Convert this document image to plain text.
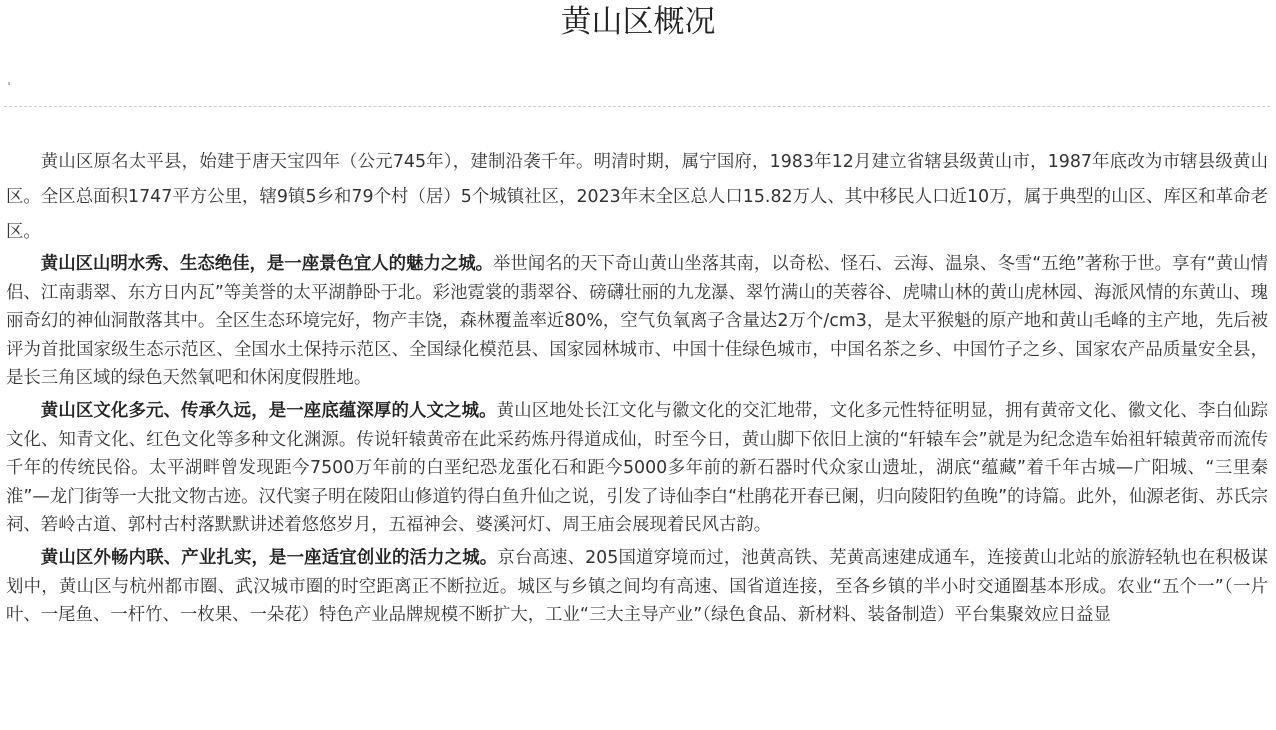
黄山区概况

黄山区原名太平县，始建于唐天宝四年（公元745年），建制沿袭千年。明清时期，属宁国府，1983年12月建立省辖县级黄山市，1987年底改为市辖县级黄山区。全区总面积1747平方公里，辖9镇5乡和79个村（居）5个城镇社区，2023年末全区总人口15.82万人、其中移民人口近10万，属于典型的山区、库区和革命老区。

黄山区山明水秀、生态绝佳，是一座景色宜人的魅力之城。举世闻名的天下奇山黄山坐落其南，以奇松、怪石、云海、温泉、冬雪“五绝”著称于世。享有“黄山情侣、江南翡翠、东方日内瓦”等美誉的太平湖静卧于北。彩池霓裳的翡翠谷、磅礴壮丽的九龙瀑、翠竹满山的芙蓉谷、虎啸山林的黄山虎林园、海派风情的东黄山、瑰丽奇幻的神仙洞散落其中。全区生态环境完好，物产丰饶，森林覆盖率近80%，空气负氧离子含量达2万个/cm3，是太平猴魁的原产地和黄山毛峰的主产地，先后被评为首批国家级生态示范区、全国水土保持示范区、全国绿化模范县、国家园林城市、中国十佳绿色城市，中国名茶之乡、中国竹子之乡、国家农产品质量安全县，是长三角区域的绿色天然氧吧和休闲度假胜地。

黄山区文化多元、传承久远，是一座底蕴深厚的人文之城。黄山区地处长江文化与徽文化的交汇地带，文化多元性特征明显，拥有黄帝文化、徽文化、李白仙踪文化、知青文化、红色文化等多种文化渊源。传说轩辕黄帝在此采药炼丹得道成仙，时至今日，黄山脚下依旧上演的“轩辕车会”就是为纪念造车始祖轩辕黄帝而流传千年的传统民俗。太平湖畔曾发现距今7500万年前的白垩纪恐龙蛋化石和距今5000多年前的新石器时代众家山遗址，湖底“蕴藏”着千年古城—广阳城、“三里秦淮”—龙门街等一大批文物古迹。汉代窦子明在陵阳山修道钓得白鱼升仙之说，引发了诗仙李白“杜鹃花开春已阑，归向陵阳钓鱼晚”的诗篇。此外，仙源老街、苏氏宗祠、箬岭古道、郭村古村落默默讲述着悠悠岁月，五福神会、婆溪河灯、周王庙会展现着民风古韵。

黄山区外畅内联、产业扎实，是一座适宜创业的活力之城。京台高速、205国道穿境而过，池黄高铁、芜黄高速建成通车，连接黄山北站的旅游轻轨也在积极谋划中，黄山区与杭州都市圈、武汉城市圈的时空距离正不断拉近。城区与乡镇之间均有高速、国省道连接，至各乡镇的半小时交通圈基本形成。农业“五个一”（一片叶、一尾鱼、一杆竹、一枚果、一朵花）特色产业品牌规模不断扩大，工业“三大主导产业”（绿色食品、新材料、装备制造）平台集聚效应日益显
